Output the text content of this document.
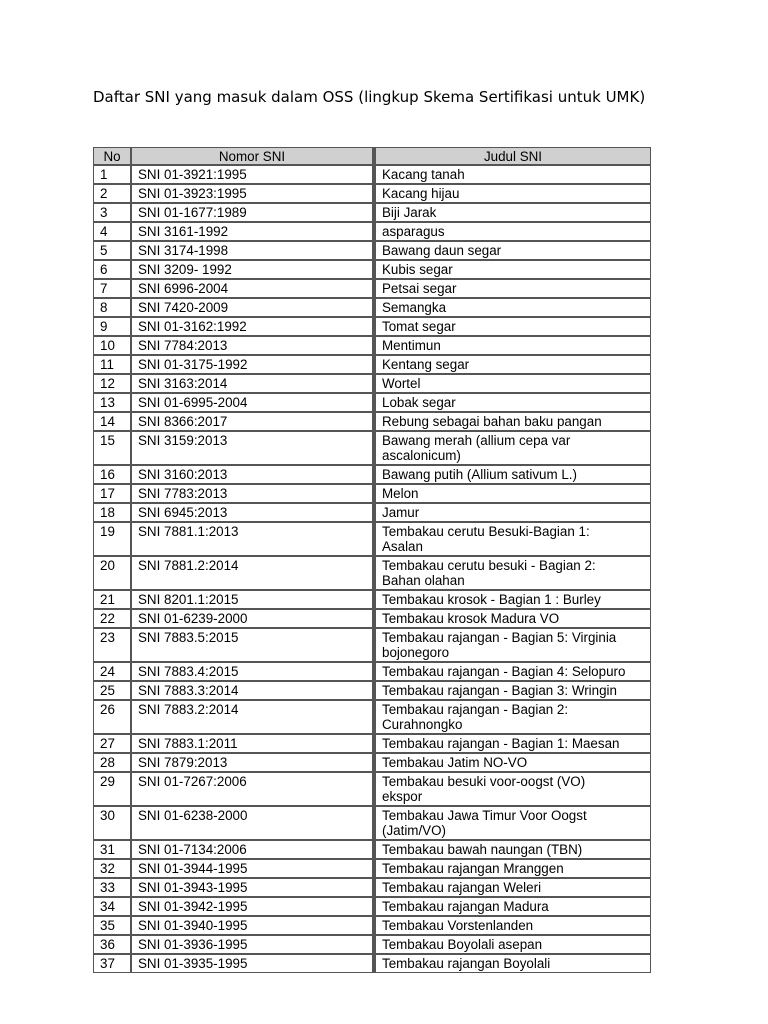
Daftar SNI yang masuk dalam OSS (lingkup Skema Sertifikasi untuk UMK)
No	Nomor SNI	Judul SNI
1	SNI 01-3921:1995	Kacang tanah
2	SNI 01-3923:1995	Kacang hijau
3	SNI 01-1677:1989	Biji Jarak
4	SNI 3161-1992	asparagus
5	SNI 3174-1998	Bawang daun segar
6	SNI 3209- 1992	Kubis segar
7	SNI 6996-2004	Petsai segar
8	SNI 7420-2009	Semangka
9	SNI 01-3162:1992	Tomat segar
10	SNI 7784:2013	Mentimun
11	SNI 01-3175-1992	Kentang segar
12	SNI 3163:2014	Wortel
13	SNI 01-6995-2004	Lobak segar
14	SNI 8366:2017	Rebung sebagai bahan baku pangan
15	SNI 3159:2013	Bawang merah (allium cepa var
ascalonicum)
16	SNI 3160:2013	Bawang putih (Allium sativum L.)
17	SNI 7783:2013	Melon
18	SNI 6945:2013	Jamur
19	SNI 7881.1:2013	Tembakau cerutu Besuki-Bagian 1:
Asalan
20	SNI 7881.2:2014	Tembakau cerutu besuki - Bagian 2:
Bahan olahan
21	SNI 8201.1:2015	Tembakau krosok - Bagian 1 : Burley
22	SNI 01-6239-2000	Tembakau krosok Madura VO
23	SNI 7883.5:2015	Tembakau rajangan - Bagian 5: Virginia
bojonegoro
24	SNI 7883.4:2015	Tembakau rajangan - Bagian 4: Selopuro
25	SNI 7883.3:2014	Tembakau rajangan - Bagian 3: Wringin
26	SNI 7883.2:2014	Tembakau rajangan - Bagian 2:
Curahnongko
27	SNI 7883.1:2011	Tembakau rajangan - Bagian 1: Maesan
28	SNI 7879:2013	Tembakau Jatim NO-VO
29	SNI 01-7267:2006	Tembakau besuki voor-oogst (VO)
ekspor
30	SNI 01-6238-2000	Tembakau Jawa Timur Voor Oogst
(Jatim/VO)
31	SNI 01-7134:2006	Tembakau bawah naungan (TBN)
32	SNI 01-3944-1995	Tembakau rajangan Mranggen
33	SNI 01-3943-1995	Tembakau rajangan Weleri
34	SNI 01-3942-1995	Tembakau rajangan Madura
35	SNI 01-3940-1995	Tembakau Vorstenlanden
36	SNI 01-3936-1995	Tembakau Boyolali asepan
37	SNI 01-3935-1995	Tembakau rajangan Boyolali
